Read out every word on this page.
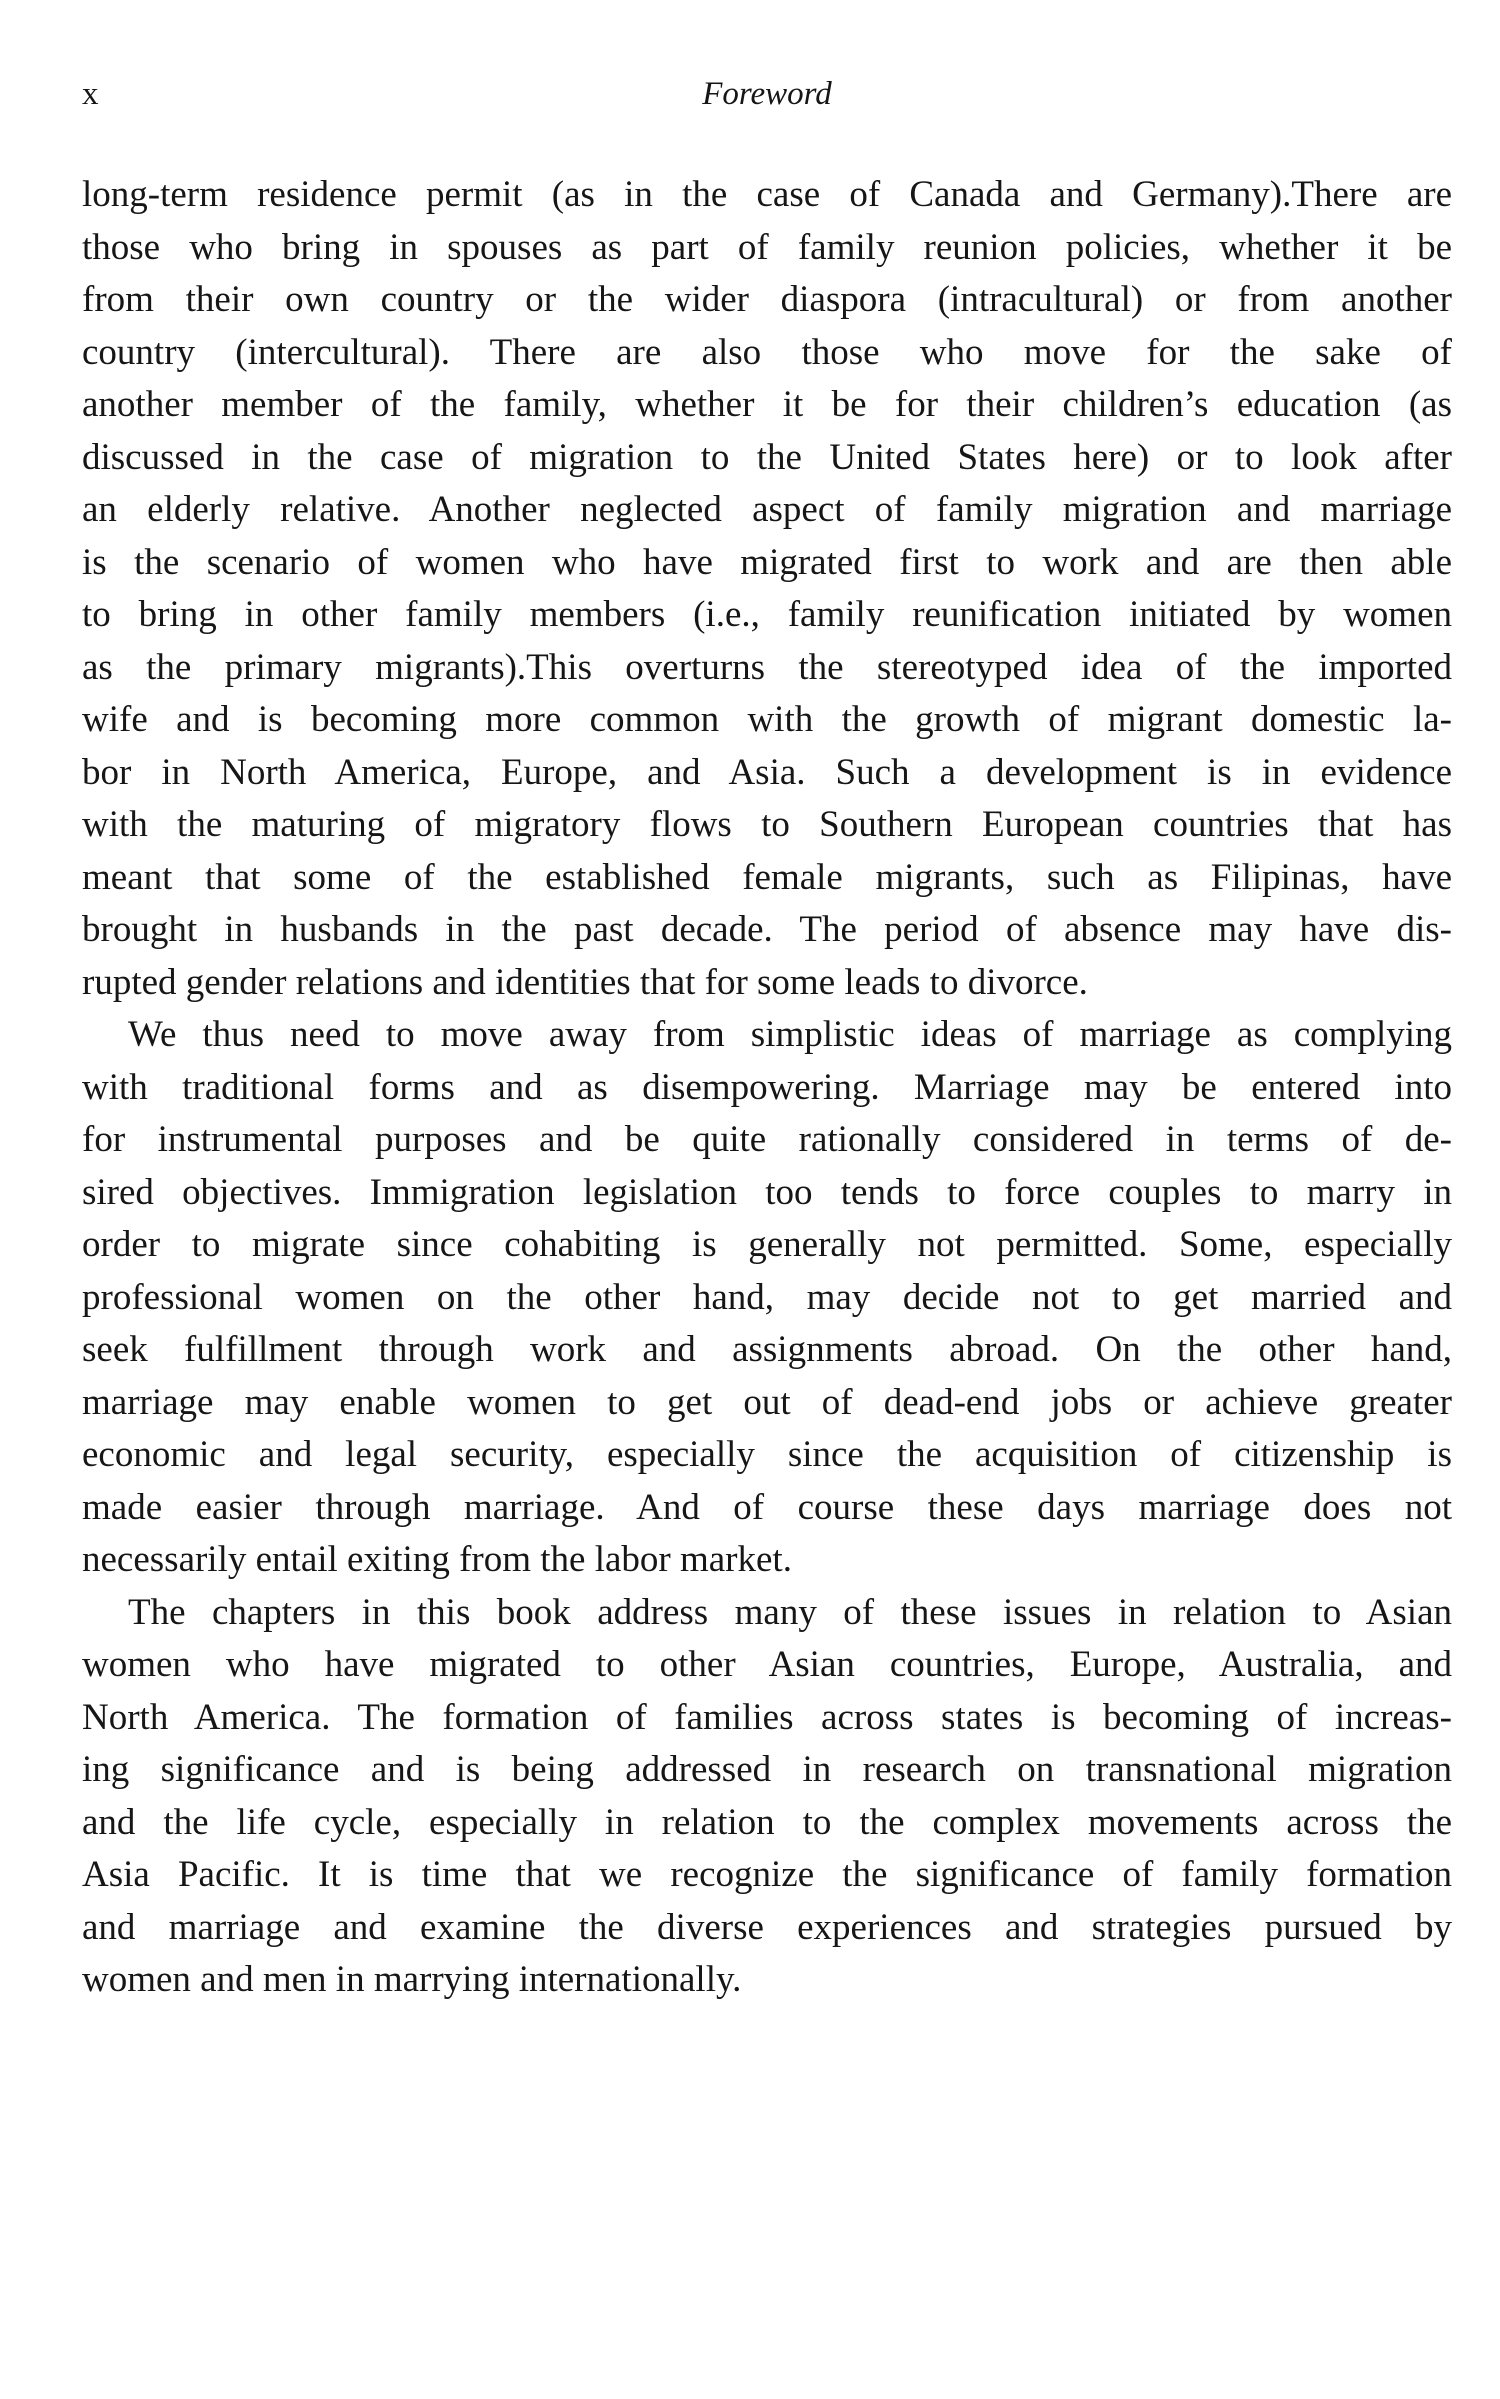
x	Foreword

long-term residence permit (as in the case of Canada and Germany).There are
those who bring in spouses as part of family reunion policies, whether it be
from their own country or the wider diaspora (intracultural) or from another
country (intercultural). There are also those who move for the sake of
another member of the family, whether it be for their children’s education (as
discussed in the case of migration to the United States here) or to look after
an elderly relative. Another neglected aspect of family migration and marriage
is the scenario of women who have migrated first to work and are then able
to bring in other family members (i.e., family reunification initiated by women
as the primary migrants).This overturns the stereotyped idea of the imported
wife and is becoming more common with the growth of migrant domestic la-
bor in North America, Europe, and Asia. Such a development is in evidence
with the maturing of migratory flows to Southern European countries that has
meant that some of the established female migrants, such as Filipinas, have
brought in husbands in the past decade. The period of absence may have dis-
rupted gender relations and identities that for some leads to divorce.

We thus need to move away from simplistic ideas of marriage as complying
with traditional forms and as disempowering. Marriage may be entered into
for instrumental purposes and be quite rationally considered in terms of de-
sired objectives. Immigration legislation too tends to force couples to marry in
order to migrate since cohabiting is generally not permitted. Some, especially
professional women on the other hand, may decide not to get married and
seek fulfillment through work and assignments abroad. On the other hand,
marriage may enable women to get out of dead-end jobs or achieve greater
economic and legal security, especially since the acquisition of citizenship is
made easier through marriage. And of course these days marriage does not
necessarily entail exiting from the labor market.

The chapters in this book address many of these issues in relation to Asian
women who have migrated to other Asian countries, Europe, Australia, and
North America. The formation of families across states is becoming of increas-
ing significance and is being addressed in research on transnational migration
and the life cycle, especially in relation to the complex movements across the
Asia Pacific. It is time that we recognize the significance of family formation
and marriage and examine the diverse experiences and strategies pursued by
women and men in marrying internationally.
